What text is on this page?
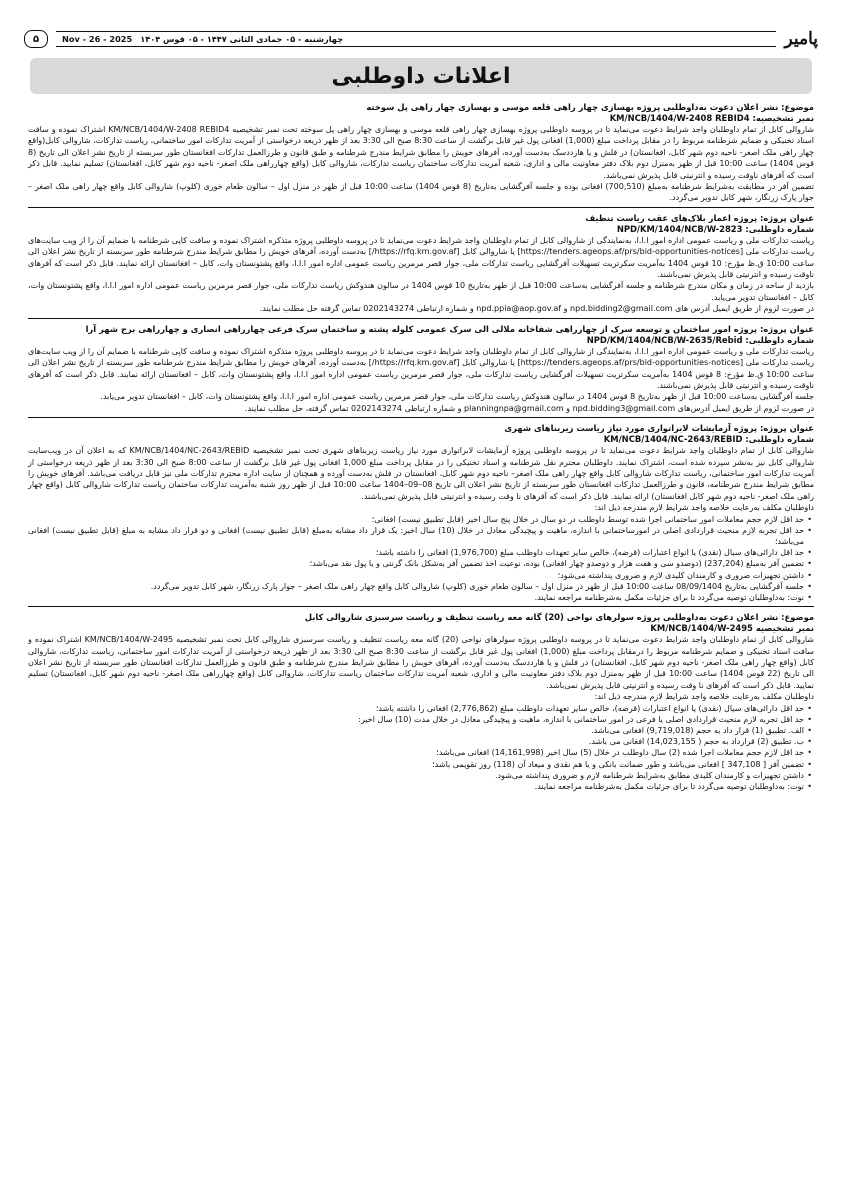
۵	Nov - 26 - 2025 چهارشنبه - ۰۵ جمادی الثانی ۱۴۴۷ - ۰۵ قوس ۱۴۰۴	پامیر
اعلانات داوطلبی

موضوع: نشر اعلان دعوت به‌داوطلبی پروژه بهسازی چهار راهی قلعه موسی و بهسازی چهار راهی پل سوخته

نمبر تشخیصیه: KM/NCB/1404/W-2408 REBID4

شاروالی کابل از تمام داوطلبان واجد شرایط دعوت می‌نماید تا در پروسه داوطلبی پروژه بهسازی چهار راهی قلعه موسی و بهسازی چهار راهی پل سوخته تحت نمبر تشخیصیه KM/NCB/1404/W-2408 REBID4 اشتراک نموده و سافت اسناد تخنیکی و ضمایم شرطنامه مربوط را در مقابل پرداخت مبلغ (1,000) افغانی پول غیر قابل برگشت از ساعت 8:30 صبح الی 3:30 بعد از ظهر ذریعه درخواستی از آمریت تدارکات امور ساختمانی، ریاست تدارکات، شاروالی کابل(واقع چهار راهی ملک اصغر- ناحیه دوم شهر کابل، افغانستان) در فلش و یا هارددسک به‌دست آورده، آفرهای خویش را مطابق شرایط مندرج شرطنامه و طبق قانون و طرزالعمل تدارکات افغانستان طور سربسته از تاریخ نشر اعلان الی تاریخ (8 قوس 1404) ساعت 10:00 قبل از ظهر به‌منزل دوم بلاک دفتر معاونیت مالی و اداری، شعبه آمریت تدارکات ساختمان ریاست تدارکات، شاروالی کابل (واقع چهارراهی ملک اصغر- ناحیه دوم شهر کابل، افغانستان) تسلیم نمایید. قابل ذکر است که آفرهای ناوقت رسیده و انترنیتی قابل پذیرش نمی‌باشد.

تضمین آفر در مطابقت به‌شرایط شرطنامه به‌مبلغ (700,510) افغانی بوده و جلسه آفرگشایی به‌تاریخ (8 قوس 1404) ساعت 10:00 قبل از ظهر در منزل اول – سالون طعام خوری (کلوپ) شاروالی کابل واقع چهار راهی ملک اصغر – جوار پارک زرنگار، شهر کابل تدویر می‌گردد.

عنوان پروژه: پروژه اعمار بلاک‌های عقب ریاست تنظیف

شماره داوطلبی: NPD/KM/1404/NCB/W-2823

ریاست تدارکات ملی و ریاست عمومی اداره امور ا.ا.ا، به‌نمایندگی از شاروالی کابل از تمام داوطلبان واجد شرایط دعوت می‌نماید تا در پروسه داوطلبی پروژه متذکره اشتراک نموده و سافت کاپی شرطنامه با ضمایم آن را از ویب سایت‌های ریاست تدارکات ملی [https://tenders.ageops.af/prs/bid-opportunities-notices] یا شاروالی کابل [https://rfq.km.gov.af/] به‌دست آورده، آفرهای خویش را مطابق شرایط مندرج شرطنامه طور سربسته از تاریخ نشر اعلان الی ساعت 10:00 ق.ظ مؤرخ: 10 قوس 1404 به‌آمریت سکرتریت تسهیلات آفرگشایی ریاست تدارکات ملی، جوار قصر مرمرین ریاست عمومی اداره امور ا.ا.ا، واقع پشتونستان وات، کابل – افغانستان ارائه نمایند. قابل ذکر است که آفرهای ناوقت رسیده و انترنیتی قابل پذیرش نمی‌باشند.

بازدید از ساحه در زمان و مکان مندرج شرطنامه و جلسه آفرگشایی به‌ساعت 10:00 قبل از ظهر به‌تاریخ 10 قوس 1404 در سالون هندوکش ریاست تدارکات ملی، جوار قصر مرمرین ریاست عمومی اداره امور ا.ا.ا، واقع پشتونستان وات، کابل – افغانستان تدویر می‌یابد.

در صورت لزوم از طریق ایمیل آدرس های npd.bidding2@gmail.com و npd.ppia@aop.gov.af و شماره ارتباطی 0202143274 تماس گرفته حل مطلب نمایند.

عنوان پروژه: پروژه امور ساختمان و توسعه سرک از چهارراهی شفاخانه ملالی الی سرک عمومی کلوله پشته و ساختمان سرک فرعی چهارراهی انصاری و چهارراهی برج شهر آرا

شماره داوطلبی: NPD/KM/1404/NCB/W-2635/Rebid

ریاست تدارکات ملی و ریاست عمومی اداره امور ا.ا.ا، به‌نمایندگی از شاروالی کابل از تمام داوطلبان واجد شرایط دعوت می‌نماید تا در پروسه داوطلبی پروژه متذکره اشتراک نموده و سافت کاپی شرطنامه با ضمایم آن را از ویب سایت‌های ریاست تدارکات ملی [https://tenders.ageops.af/prs/bid-opportunities-notices] یا شاروالی کابل [https://rfq.km.gov.af/] به‌دست آورده، آفرهای خویش را مطابق شرایط مندرج شرطنامه طور سربسته از تاریخ نشر اعلان الی ساعت 10:00 ق.ظ مؤرخ: 8 قوس 1404 به‌آمریت سکرتریت تسهیلات آفرگشایی ریاست تدارکات ملی، جوار قصر مرمرین ریاست عمومی اداره امور ا.ا.ا، واقع پشتونستان وات، کابل – افغانستان ارائه نمایند. قابل ذکر است که آفرهای ناوقت رسیده و انترنیتی قابل پذیرش نمی‌باشند.

جلسه آفرگشایی به‌ساعت 10:00 قبل از ظهر به‌تاریخ 8 قوس 1404 در سالون هندوکش ریاست تدارکات ملی، جوار قصر مرمرین ریاست عمومی اداره امور ا.ا.ا، واقع پشتونستان وات، کابل – افغانستان تدویر می‌یابد.

در صورت لزوم از طریق ایمیل آدرس‌های npd.bidding3@gmail.com و planningnpa@gmail.com و شماره ارتباطی 0202143274 تماس گرفته، حل مطلب نمایند.

عنوان پروژه: پروژه آزمایشات لابراتواری مورد نیاز ریاست زیربناهای شهری

شماره داوطلبی: KM/NCB/1404/NC-2643/REBID

شاروالی کابل از تمام داوطلبان واجد شرایط دعوت می‌نماید تا در پروسه داوطلبی پروژه آزمایشات لابراتواری مورد نیاز ریاست زیربناهای شهری تحت نمبر تشخیصیه KM/NCB/1404/NC-2643/REBID که به اعلان آن در ویب‌سایت شاروالی کابل نیز به‌نشر سپرده شده است، اشتراک نمایند. داوطلبان محترم نقل شرطنامه و اسناد تخنیکی را در مقابل پرداخت مبلغ 1,000 افغانی پول غیر قابل برگشت از ساعت 8:00 صبح الی 3:30 بعد از ظهر ذریعه درخواستی از آمریت تدارکات امور ساختمانی، ریاست تدارکات شاروالی کابل واقع چهار راهی ملک اصغر– ناحیه دوم شهر کابل، افغانستان در فلش به‌دست آورده و همچنان از سایت اداره محترم تدارکات ملی نیز قابل دریافت می‌باشد. آفرهای خویش را مطابق شرایط مندرج شرطنامه، قانون و طرزالعمل تدارکات افغانستان طور سربسته از تاریخ نشر اعلان الی تاریخ 08–09–1404 ساعت 10:00 قبل از ظهر روز شنبه به‌آمریت تدارکات ساختمان ریاست تدارکات شاروالی کابل (واقع چهار راهی ملک اصغر- ناحیه دوم شهر کابل افغانستان) ارائه نمایند. قابل ذکر است که آفرهای نا وقت رسیده و انترنیتی قابل پذیرش نمی‌باشند.

داوطلبان مکلف به‌رعایت خلاصه واجد شرایط لازم مندرجه ذیل اند:

• حد اقل لازم حجم معاملات امور ساختمانی اجرا شده توسط داوطلب در دو سال در خلال پنج سال اخیر (قابل تطبیق نیست) افغانی؛
• حد اقل تجربه لازم منحیث قراردادی اصلی در امورساختمانی با اندازه، ماهیت و پیچیدگی معادل در خلال (10) سال اخیر: یک قرار داد مشابه به‌مبلغ (قابل تطبیق نیست) افغانی و دو قرار داد مشابه به مبلغ (قابل تطبیق نیست) افغانی می‌باشد؛
• حد اقل دارائی‌های سیال (نقدی) یا انواع اعتبارات (قرضه)، خالص سایر تعهدات داوطلب مبلغ (1,976,700) افغانی را داشته باشد؛
• تضمین آفر به‌مبلغ (237,204) (دوصدو سی و هفت هزار و دوصدو چهار افغانی) بوده، نوعیت اخذ تضمین آفر به‌شکل بانک گرنتی و یا پول نقد می‌باشد؛
• داشتن تجهیزات ضروری و کارمندان کلیدی لازم و ضروری پنداشته می‌شود؛
• جلسه آفرگشایی به‌تاریخ 08/09/1404 ساعت 10:00 قبل از ظهر در منزل اول – سالون طعام خوری (کلوپ) شاروالی کابل واقع چهار راهی ملک اصغر – جوار پارک زرنگار، شهر کابل تدویر می‌گردد.
• نوت: به‌داوطلبان توصیه می‌گردد تا برای جزئیات مکمل به‌شرطنامه مراجعه نمایند.

موضوع: نشر اعلان دعوت به‌داوطلبی پروژه سولرهای نواحی (20) گانه معه ریاست تنظیف و ریاست سرسبزی شاروالی کابل

نمبر تشخیصیه KM/NCB/1404/W-2495

شاروالی کابل از تمام داوطلبان واجد شرایط دعوت می‌نماید تا در پروسه داوطلبی پروژه سولرهای نواحی (20) گانه معه ریاست تنظیف و ریاست سرسبزی شاروالی کابل تحت نمبر تشخیصیه KM/NCB/1404/W-2495 اشتراک نموده و سافت اسناد تخنیکی و ضمایم شرطنامه مربوط را درمقابل پرداخت مبلغ (1,000) افغانی پول غیر قابل برگشت از ساعت 8:30 صبح الی 3:30 بعد از ظهر ذریعه درخواستی از آمریت تدارکات امور ساختمانی، ریاست تدارکات، شاروالی کابل (واقع چهار راهی ملک اصغر- ناحیه دوم شهر کابل، افغانستان) در فلش و یا هارددسک به‌دست آورده، آفرهای خویش را مطابق شرایط مندرج شرطنامه و طبق قانون و طرزالعمل تدارکات افغانستان طور سربسته از تاریخ نشر اعلان الی تاریخ (22 قوس 1404) ساعت 10:00 قبل از ظهر به‌منزل دوم بلاک دفتر معاونیت مالی و اداری، شعبه آمریت تدارکات ساختمان ریاست تدارکات، شاروالی کابل (واقع چهارراهی ملک اصغر- ناحیه دوم شهر کابل، افغانستان) تسلیم نمایید. قابل ذکر است که آفرهای نا وقت رسیده و انترنیتی قابل پذیرش نمی‌باشد.

داوطلبان مکلف به‌رعایت خلاصه واجد شرایط لازم مندرجه ذیل اند:

• حد اقل دارائی‌های سیال (نقدی) یا انواع اعتبارات (قرضه)، خالص سایر تعهدات داوطلب مبلغ (2,776,862) افغانی را داشته باشد؛
• حد اقل تجربه لازم منحیث قراردادی اصلی یا فرعی در امور ساختمانی با اندازه، ماهیت و پیچیدگی معادل در خلال مدت (10) سال اخیر:
• الف. تطبیق (1) قرار داد به حجم (9,719,018) افغانی می‌باشد.
• ب. تطبیق (2) قرارداد به حجم ( 14,023,155) افغانی می باشد.
• حد اقل لازم حجم معاملات اجرا شده (2) سال داوطلب در خلال (5) سال اخیر (14,161,998) افغانی می‌باشد؛
• تضمین آفر [ 347,108 ] افغانی می‌باشد و طور ضمانت بانکی و یا هم نقدی و میعاد آن (118) روز تقویمی باشد؛
• داشتن تجهیزات و کارمندان کلیدی مطابق به‌شرایط شرطنامه لازم و ضروری پنداشته می‌شود.
• نوت: به‌داوطلبان توصیه می‌گردد تا برای جزئیات مکمل به‌شرطنامه مراجعه نمایند.
